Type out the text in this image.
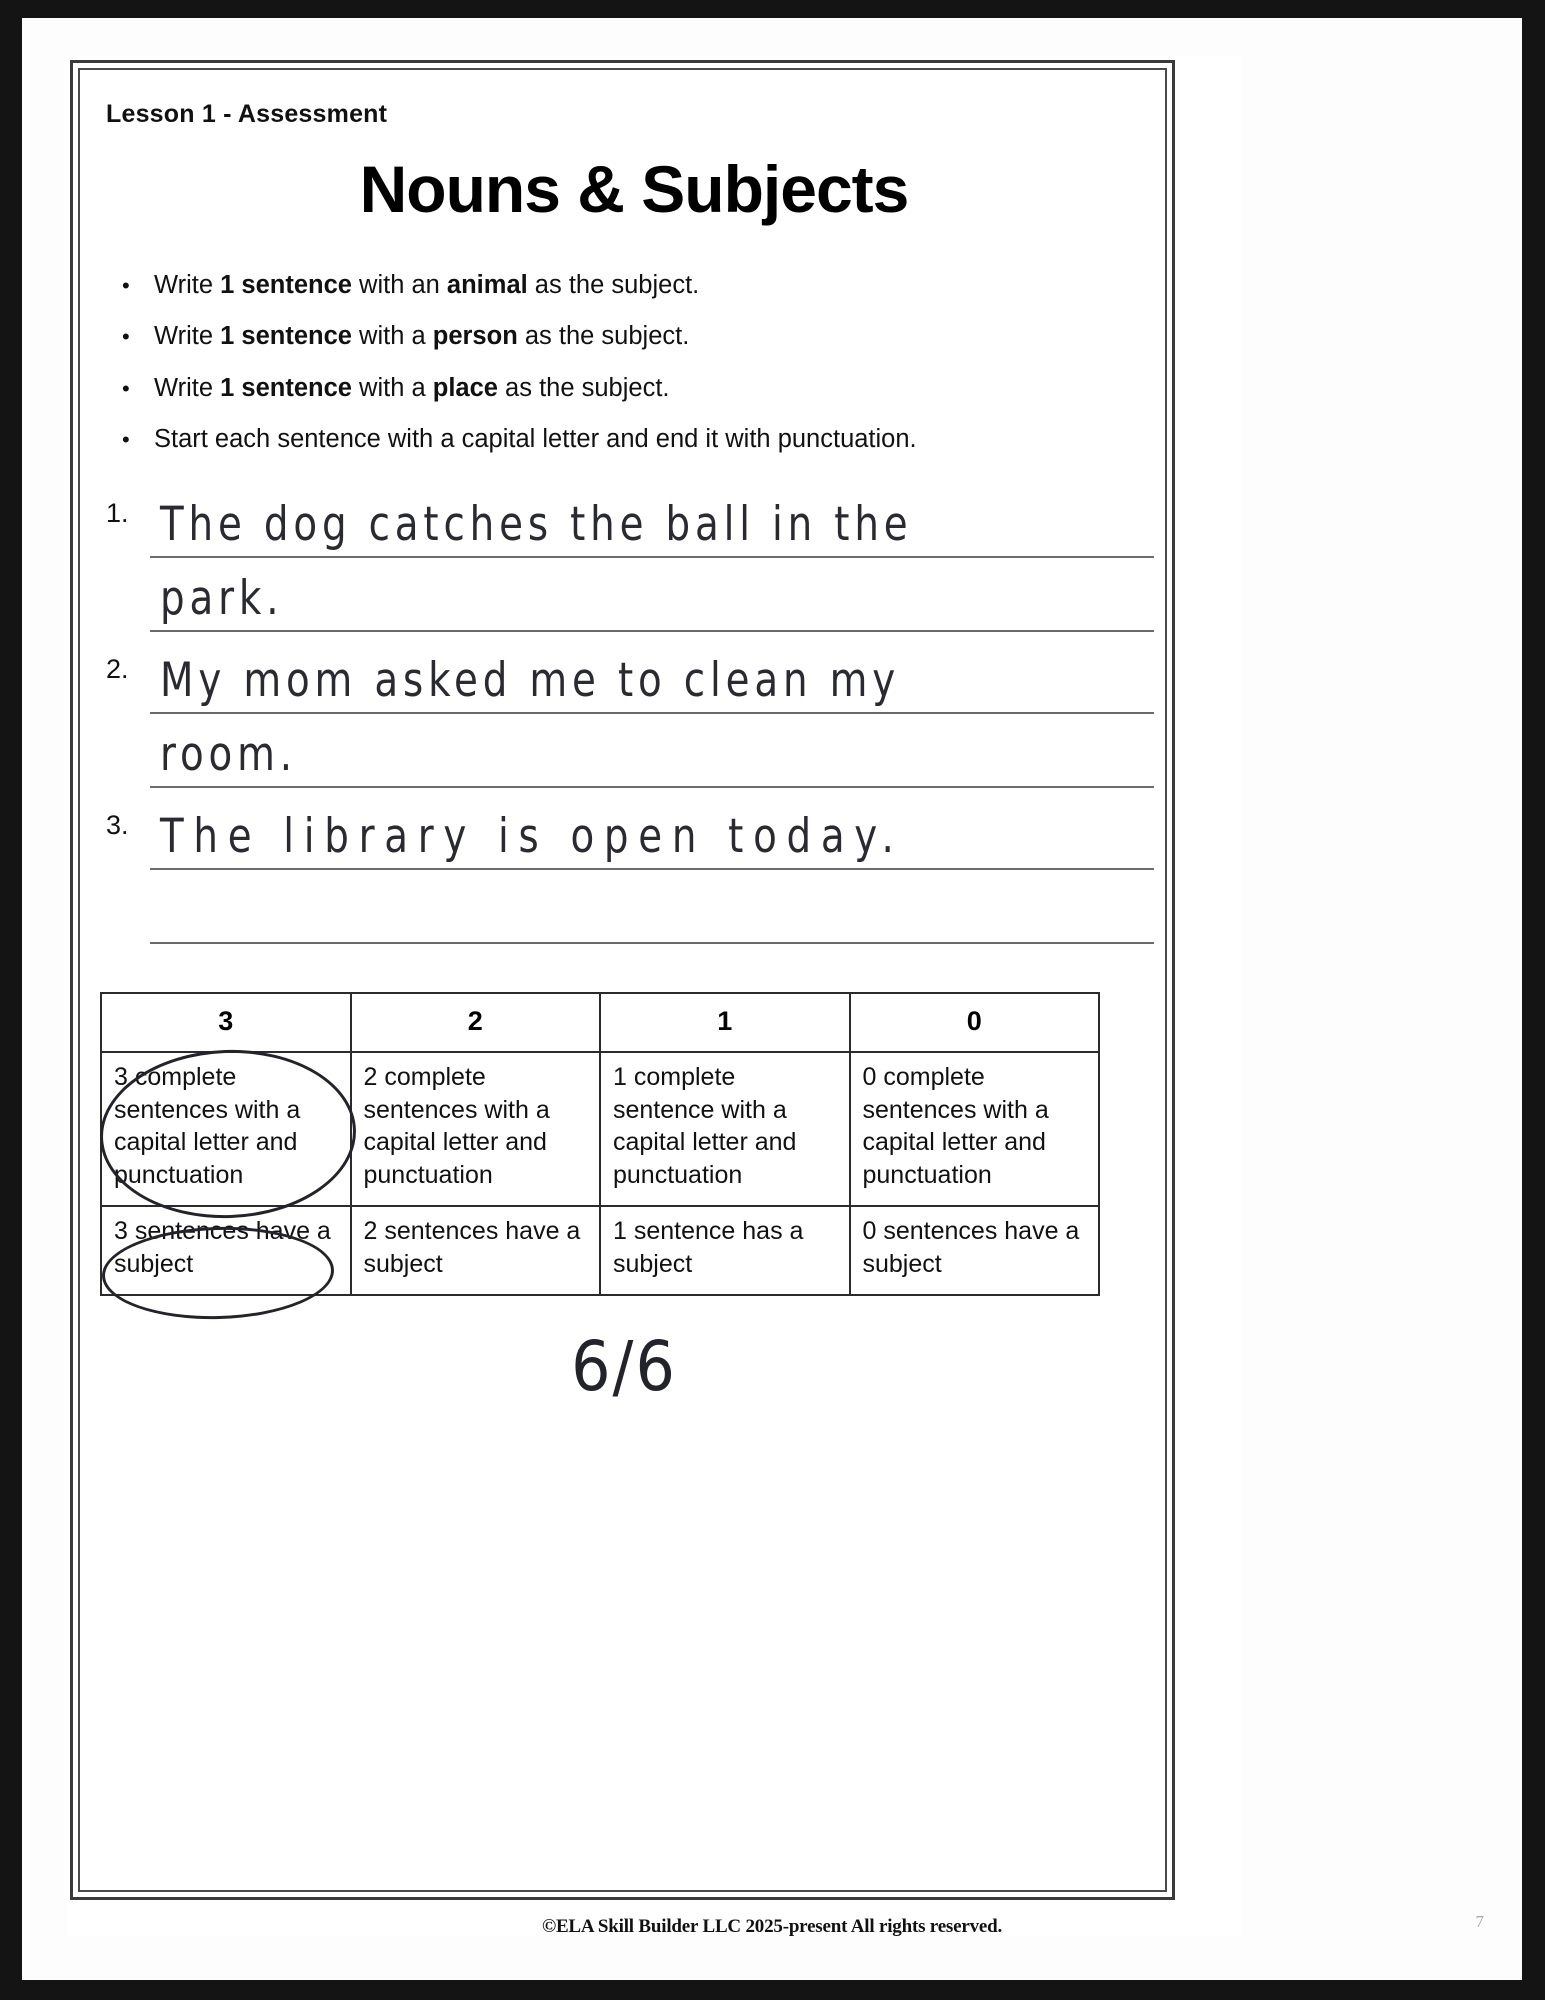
Lesson 1 - Assessment
Nouns & Subjects
• Write 1 sentence with an animal as the subject.
• Write 1 sentence with a person as the subject.
• Write 1 sentence with a place as the subject.
• Start each sentence with a capital letter and end it with punctuation.
1. The dog catches the ball in the
park.
2. My mom asked me to clean my
room.
3. The library is open today.
3	2	1	0
3 complete sentences with a capital letter and punctuation	2 complete sentences with a capital letter and punctuation	1 complete sentence with a capital letter and punctuation	0 complete sentences with a capital letter and punctuation
3 sentences have a subject	2 sentences have a subject	1 sentence has a subject	0 sentences have a subject
6/6
©ELA Skill Builder LLC 2025-present All rights reserved.	7
